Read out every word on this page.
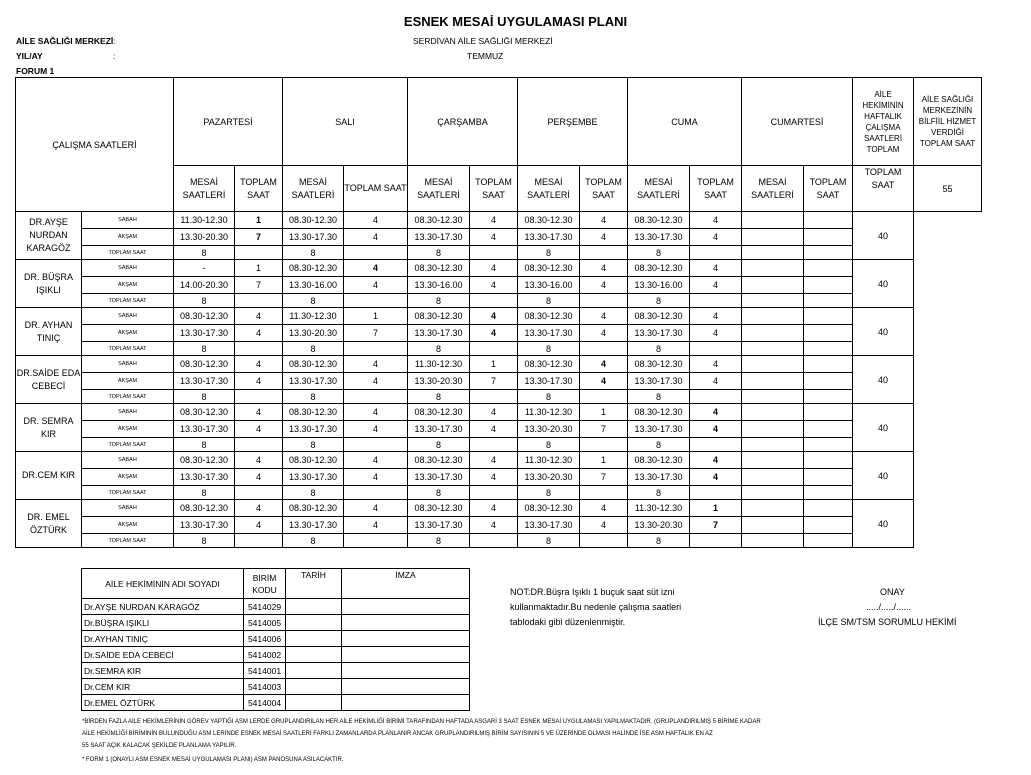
ESNEK MESAİ UYGULAMASI PLANI
AİLE SAĞLIĞI MERKEZİ :	SERDİVAN AİLE SAĞLIĞI MERKEZİ
YIL/AY	:	TEMMUZ
FORUM 1
ÇALIŞMA SAATLERİ		PAZARTESİ		SALI		ÇARŞAMBA		PERŞEMBE		CUMA		CUMARTESİ		AİLE HEKİMİNİN HAFTALIK ÇALIŞMA SAATLERİ TOPLAM	AİLE SAĞLIĞI MERKEZİNİN BİLFİİL HİZMET VERDİĞİ TOPLAM SAAT
		MESAİ SAATLERİ	TOPLAM SAAT	MESAİ SAATLERİ	TOPLAM SAAT	MESAİ SAATLERİ	TOPLAM SAAT	MESAİ SAATLERİ	TOPLAM SAAT	MESAİ SAATLERİ	TOPLAM SAAT	MESAİ SAATLERİ	TOPLAM SAAT	TOPLAM SAAT	55
DR.AYŞE NURDAN KARAGÖZ	SABAH	11.30-12.30	1	08.30-12.30	4	08.30-12.30	4	08.30-12.30	4	08.30-12.30	4			40	
	AKŞAM	13.30-20.30	7	13.30-17.30	4	13.30-17.30	4	13.30-17.30	4	13.30-17.30	4				
	TOPLAM SAAT	8		8		8		8		8					
DR. BÜŞRA IŞIKLI	SABAH	-	1	08.30-12.30	4	08.30-12.30	4	08.30-12.30	4	08.30-12.30	4			40	
	AKŞAM	14.00-20.30	7	13.30-16.00	4	13.30-16.00	4	13.30-16.00	4	13.30-16.00	4				
	TOPLAM SAAT	8		8		8		8		8					
DR. AYHAN TINIÇ	SABAH	08.30-12.30	4	11.30-12.30	1	08.30-12.30	4	08.30-12.30	4	08.30-12.30	4			40	
	AKŞAM	13.30-17.30	4	13.30-20.30	7	13.30-17.30	4	13.30-17.30	4	13.30-17.30	4				
	TOPLAM SAAT	8		8		8		8		8					
DR.SAİDE EDA CEBECİ	SABAH	08.30-12.30	4	08.30-12.30	4	11.30-12.30	1	08.30-12.30	4	08.30-12.30	4			40	
	AKŞAM	13.30-17.30	4	13.30-17.30	4	13.30-20.30	7	13.30-17.30	4	13.30-17.30	4				
	TOPLAM SAAT	8		8		8		8		8					
DR. SEMRA KIR	SABAH	08.30-12.30	4	08.30-12.30	4	08.30-12.30	4	11.30-12.30	1	08.30-12.30	4			40	
	AKŞAM	13.30-17.30	4	13.30-17.30	4	13.30-17.30	4	13.30-20.30	7	13.30-17.30	4				
	TOPLAM SAAT	8		8		8		8		8					
DR.CEM KIR	SABAH	08.30-12.30	4	08.30-12.30	4	08.30-12.30	4	11.30-12.30	1	08.30-12.30	4			40	
	AKŞAM	13.30-17.30	4	13.30-17.30	4	13.30-17.30	4	13.30-20.30	7	13.30-17.30	4				
	TOPLAM SAAT	8		8		8		8		8					
DR. EMEL ÖZTÜRK	SABAH	08.30-12.30	4	08.30-12.30	4	08.30-12.30	4	08.30-12.30	4	11.30-12.30	1			40	
	AKŞAM	13.30-17.30	4	13.30-17.30	4	13.30-17.30	4	13.30-17.30	4	13.30-20.30	7				
	TOPLAM SAAT	8		8		8		8		8					
AİLE HEKİMİNİN ADI SOYADI	BİRİM KODU	TARİH	İMZA
Dr.AYŞE NURDAN KARAGÖZ	5414029		
Dr.BÜŞRA IŞIKLI	5414005		
Dr.AYHAN TINIÇ	5414006		
Dr.SAİDE EDA CEBECİ	5414002		
Dr.SEMRA KIR	5414001		
Dr.CEM KIR	5414003		
Dr.EMEL ÖZTÜRK	5414004		
NOT:DR.Büşra Işıklı 1 buçuk saat süt izni
kullanmaktadır.Bu nedenle çalışma saatleri
tablodaki gibi düzenlenmiştir.
ONAY
...../...../......
İLÇE SM/TSM SORUMLU HEKİMİ
*BİRDEN FAZLA AİLE HEKİMLERİNİN GÖREV YAPTIĞI ASM LERDE GRUPLANDIRILAN HER AİLE HEKİMLİĞİ BİRİMİ TARAFINDAN HAFTADA ASGARİ 3 SAAT ESNEK MESAİ UYGULAMASI YAPILMAKTADIR. (GRUPLANDIRILMIŞ 5 BİRİME KADAR
AİLE HEKİMLİĞİ BİRİMİNİN BULUNDUĞU ASM LERİNDE ESNEK MESAİ SAATLERİ FARKLI ZAMANLARDA PLANLANIR ANCAK GRUPLANDIRILMIŞ BİRİM SAYISININ 5 VE ÜZERİNDE OLMASI HALİNDE İSE ASM HAFTALIK EN AZ
55 SAAT AÇIK KALACAK ŞEKİLDE PLANLAMA YAPILIR.
* FORM 1 (ONAYLI ASM ESNEK MESAİ UYGULAMASI PLANI) ASM PANOSUNA ASILACAKTIR.
